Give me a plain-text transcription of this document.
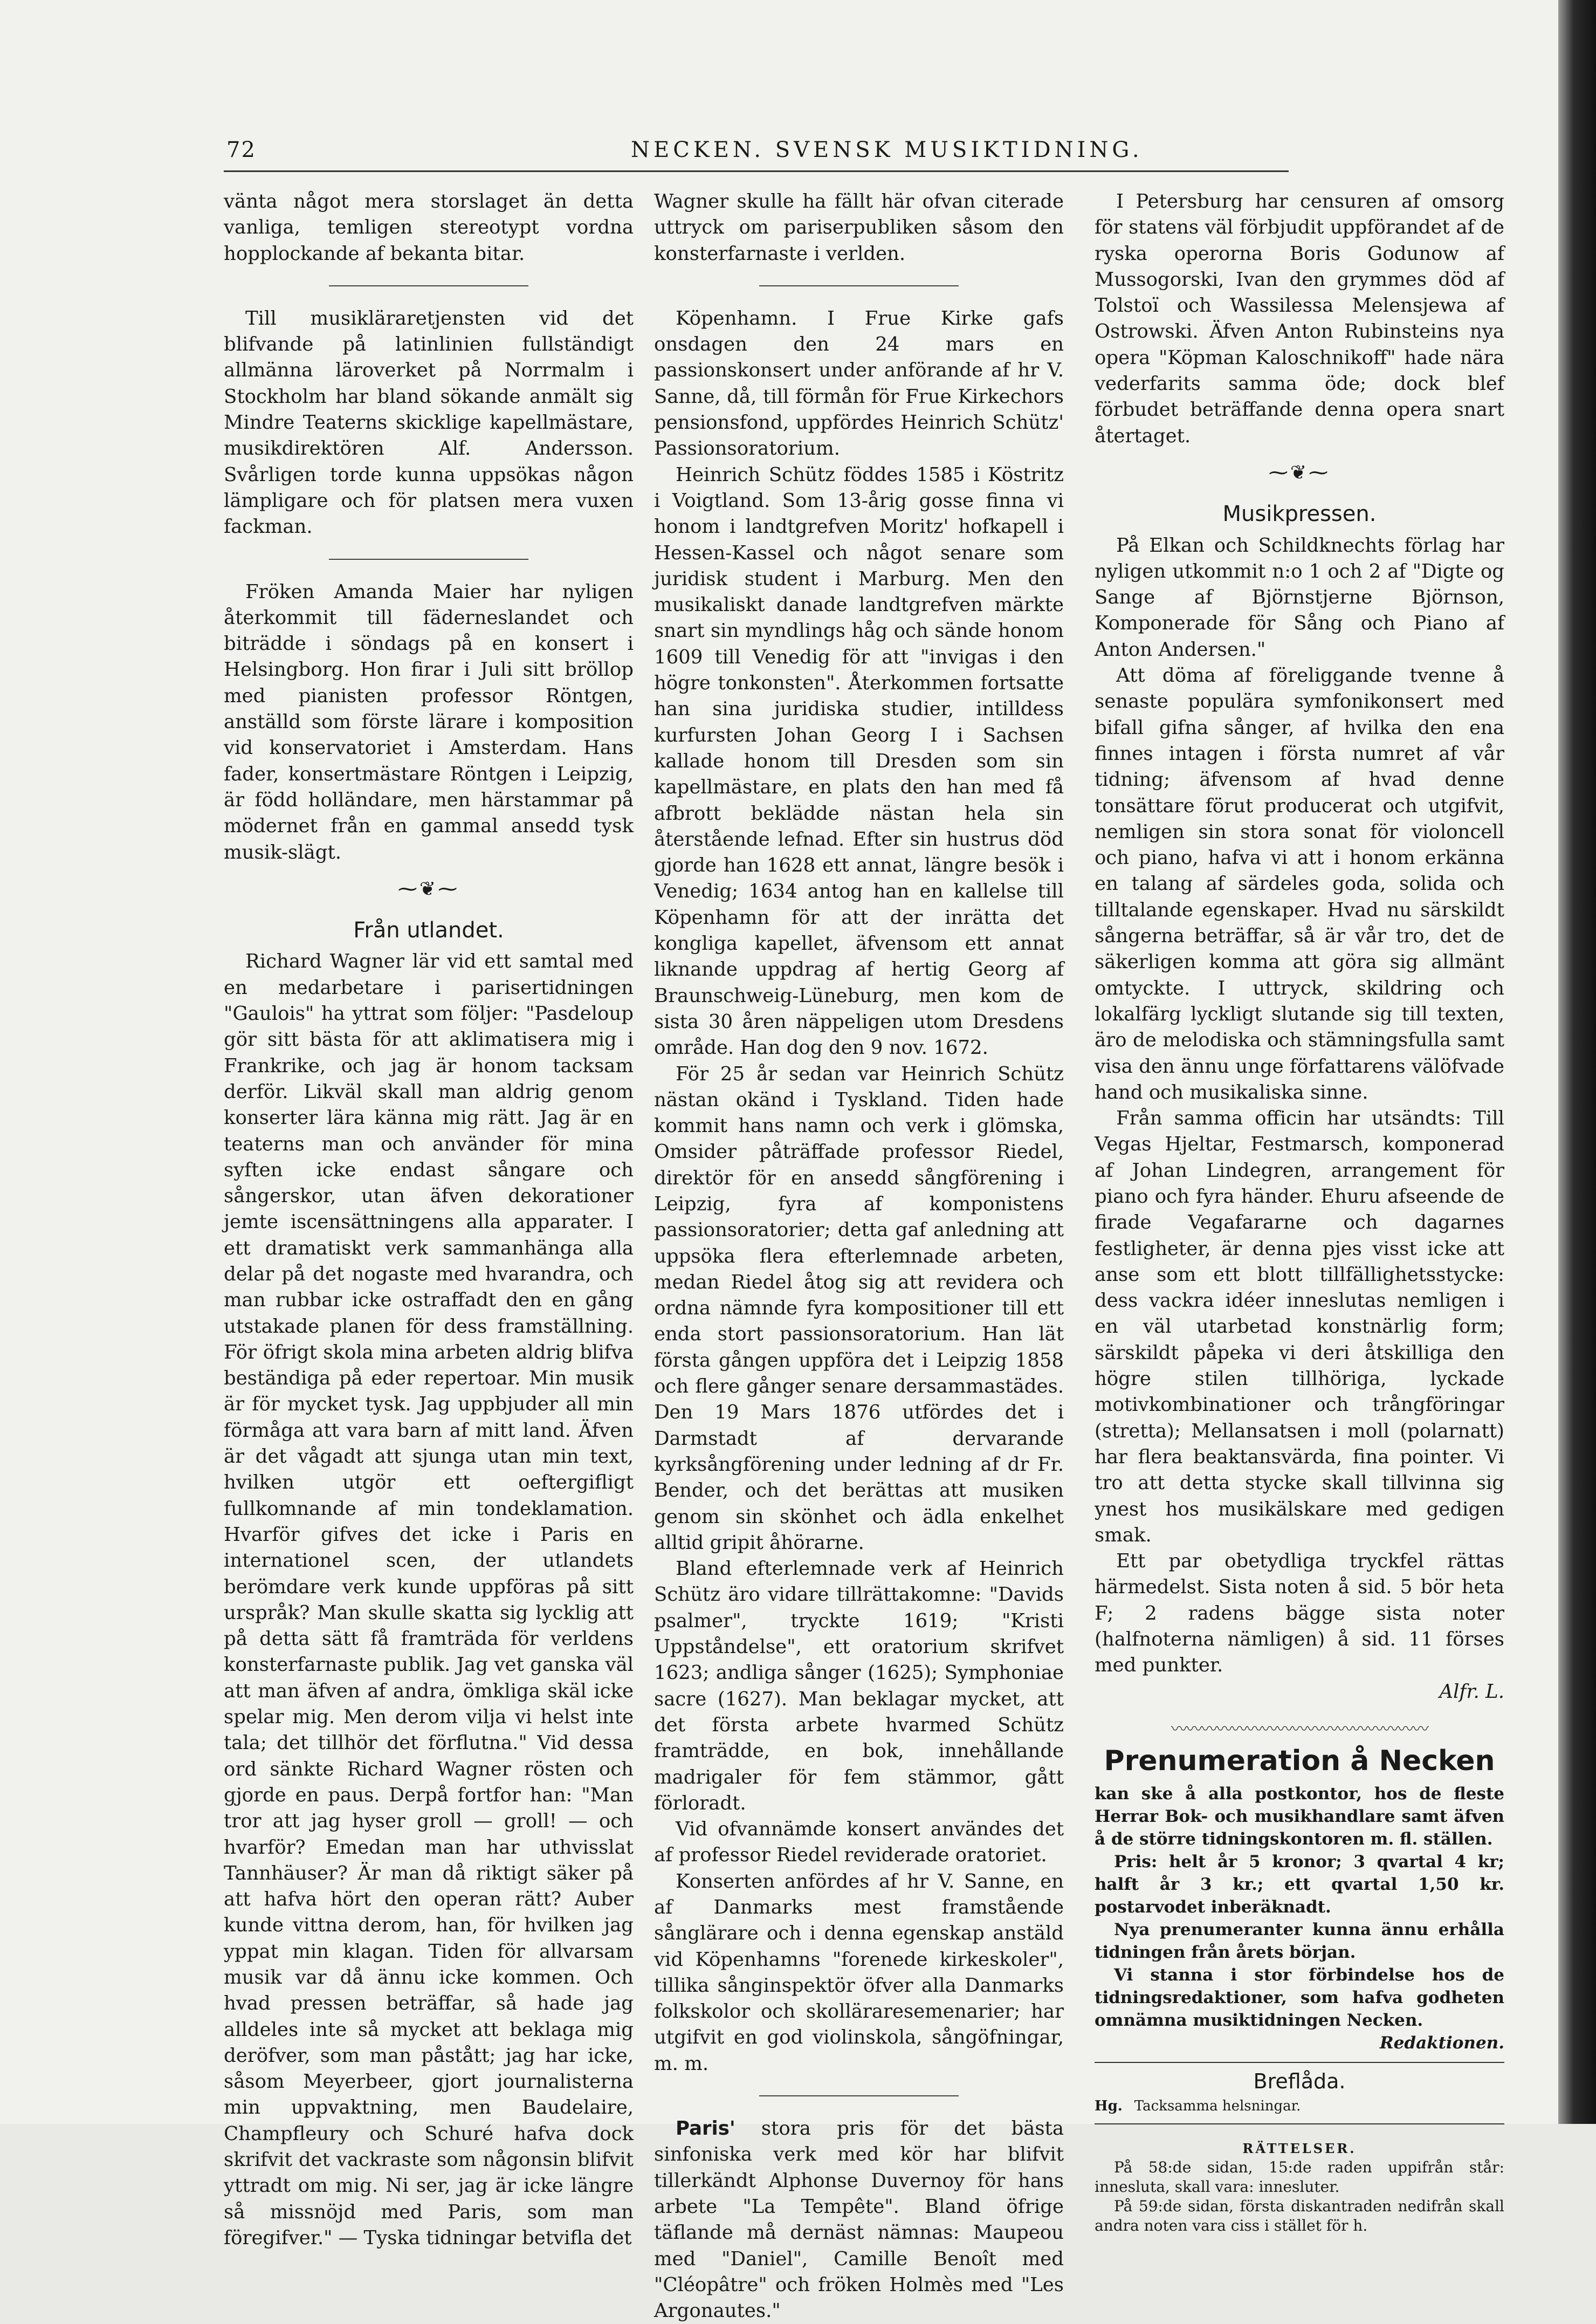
72	NECKEN. SVENSK MUSIKTIDNING.

vänta något mera storslaget än detta vanliga, temligen stereotypt vordna hopplockande af bekanta bitar.

Till musikläraretjensten vid det blifvande på latinlinien fullständigt allmänna läroverket på Norrmalm i Stockholm har bland sökande anmält sig Mindre Teaterns skicklige kapellmästare, musikdirektören Alf. Andersson. Svårligen torde kunna uppsökas någon lämpligare och för platsen mera vuxen fackman.

Fröken Amanda Maier har nyligen återkommit till fäderneslandet och biträdde i söndags på en konsert i Helsingborg. Hon firar i Juli sitt bröllop med pianisten professor Röntgen, anställd som förste lärare i komposition vid konservatoriet i Amsterdam. Hans fader, konsertmästare Röntgen i Leipzig, är född holländare, men härstammar på mödernet från en gammal ansedd tysk musik-slägt.

⁓❦⁓
Från utlandet.

Richard Wagner lär vid ett samtal med en medarbetare i parisertidningen "Gaulois" ha yttrat som följer: "Pasdeloup gör sitt bästa för att aklimatisera mig i Frankrike, och jag är honom tacksam derför. Likväl skall man aldrig genom konserter lära känna mig rätt. Jag är en teaterns man och använder för mina syften icke endast sångare och sångerskor, utan äfven dekorationer jemte iscensättningens alla apparater. I ett dramatiskt verk sammanhänga alla delar på det nogaste med hvarandra, och man rubbar icke ostraffadt den en gång utstakade planen för dess framställning. För öfrigt skola mina arbeten aldrig blifva beständiga på eder repertoar. Min musik är för mycket tysk. Jag uppbjuder all min förmåga att vara barn af mitt land. Äfven är det vågadt att sjunga utan min text, hvilken utgör ett oeftergifligt fullkomnande af min tondeklamation. Hvarför gifves det icke i Paris en internationel scen, der utlandets berömdare verk kunde uppföras på sitt urspråk? Man skulle skatta sig lycklig att på detta sätt få framträda för verldens konsterfarnaste publik. Jag vet ganska väl att man äfven af andra, ömkliga skäl icke spelar mig. Men derom vilja vi helst inte tala; det tillhör det förflutna." Vid dessa ord sänkte Richard Wagner rösten och gjorde en paus. Derpå fortfor han: "Man tror att jag hyser groll — groll! — och hvarför? Emedan man har uthvisslat Tannhäuser? Är man då riktigt säker på att hafva hört den operan rätt? Auber kunde vittna derom, han, för hvilken jag yppat min klagan. Tiden för allvarsam musik var då ännu icke kommen. Och hvad pressen beträffar, så hade jag alldeles inte så mycket att beklaga mig deröfver, som man påstått; jag har icke, såsom Meyerbeer, gjort journalisterna min uppvaktning, men Baudelaire, Champfleury och Schuré hafva dock skrifvit det vackraste som någonsin blifvit yttradt om mig. Ni ser, jag är icke längre så missnöjd med Paris, som man föregifver." — Tyska tidningar betvifla det

Wagner skulle ha fällt här ofvan citerade uttryck om pariserpubliken såsom den konsterfarnaste i verlden.

Köpenhamn. I Frue Kirke gafs onsdagen den 24 mars en passionskonsert under anförande af hr V. Sanne, då, till förmån för Frue Kirkechors pensionsfond, uppfördes Heinrich Schütz' Passionsoratorium.

Heinrich Schütz föddes 1585 i Köstritz i Voigtland. Som 13-årig gosse finna vi honom i landtgrefven Moritz' hofkapell i Hessen-Kassel och något senare som juridisk student i Marburg. Men den musikaliskt danade landtgrefven märkte snart sin myndlings håg och sände honom 1609 till Venedig för att "invigas i den högre tonkonsten". Återkommen fortsatte han sina juridiska studier, intilldess kurfursten Johan Georg I i Sachsen kallade honom till Dresden som sin kapellmästare, en plats den han med få afbrott beklädde nästan hela sin återstående lefnad. Efter sin hustrus död gjorde han 1628 ett annat, längre besök i Venedig; 1634 antog han en kallelse till Köpenhamn för att der inrätta det kongliga kapellet, äfvensom ett annat liknande uppdrag af hertig Georg af Braunschweig-Lüneburg, men kom de sista 30 åren näppeligen utom Dresdens område. Han dog den 9 nov. 1672.

För 25 år sedan var Heinrich Schütz nästan okänd i Tyskland. Tiden hade kommit hans namn och verk i glömska, Omsider påträffade professor Riedel, direktör för en ansedd sångförening i Leipzig, fyra af komponistens passionsoratorier; detta gaf anledning att uppsöka flera efterlemnade arbeten, medan Riedel åtog sig att revidera och ordna nämnde fyra kompositioner till ett enda stort passionsoratorium. Han lät första gången uppföra det i Leipzig 1858 och flere gånger senare dersammastädes. Den 19 Mars 1876 utfördes det i Darmstadt af dervarande kyrksångförening under ledning af dr Fr. Bender, och det berättas att musiken genom sin skönhet och ädla enkelhet alltid gripit åhörarne.

Bland efterlemnade verk af Heinrich Schütz äro vidare tillrättakomne: "Davids psalmer", tryckte 1619; "Kristi Uppståndelse", ett oratorium skrifvet 1623; andliga sånger (1625); Symphoniae sacre (1627). Man beklagar mycket, att det första arbete hvarmed Schütz framträdde, en bok, innehållande madrigaler för fem stämmor, gått förloradt.

Vid ofvannämde konsert användes det af professor Riedel reviderade oratoriet.

Konserten anfördes af hr V. Sanne, en af Danmarks mest framstående sånglärare och i denna egenskap anstäld vid Köpenhamns "forenede kirkeskoler", tillika sånginspektör öfver alla Danmarks folkskolor och skolläraresemenarier; har utgifvit en god violinskola, sångöfningar, m. m.

Paris' stora pris för det bästa sinfoniska verk med kör har blifvit tillerkändt Alphonse Duvernoy för hans arbete "La Tempête". Bland öfrige täflande må dernäst nämnas: Maupeou med "Daniel", Camille Benoît med "Cléopâtre" och fröken Holmès med "Les Argonautes."

I Petersburg har censuren af omsorg för statens väl förbjudit uppförandet af de ryska operorna Boris Godunow af Mussogorski, Ivan den grymmes död af Tolstoï och Wassilessa Melensjewa af Ostrowski. Äfven Anton Rubinsteins nya opera "Köpman Kaloschnikoff" hade nära vederfarits samma öde; dock blef förbudet beträffande denna opera snart återtaget.

⁓❦⁓
Musikpressen.

På Elkan och Schildknechts förlag har nyligen utkommit n:o 1 och 2 af "Digte og Sange af Björnstjerne Björnson, Komponerade för Sång och Piano af Anton Andersen."

Att döma af föreliggande tvenne å senaste populära symfonikonsert med bifall gifna sånger, af hvilka den ena finnes intagen i första numret af vår tidning; äfvensom af hvad denne tonsättare förut producerat och utgifvit, nemligen sin stora sonat för violoncell och piano, hafva vi att i honom erkänna en talang af särdeles goda, solida och tilltalande egenskaper. Hvad nu särskildt sångerna beträffar, så är vår tro, det de säkerligen komma att göra sig allmänt omtyckte. I uttryck, skildring och lokalfärg lyckligt slutande sig till texten, äro de melodiska och stämningsfulla samt visa den ännu unge författarens välöfvade hand och musikaliska sinne.

Från samma officin har utsändts: Till Vegas Hjeltar, Festmarsch, komponerad af Johan Lindegren, arrangement för piano och fyra händer. Ehuru afseende de firade Vegafararne och dagarnes festligheter, är denna pjes visst icke att anse som ett blott tillfällighetsstycke: dess vackra idéer inneslutas nemligen i en väl utarbetad konstnärlig form; särskildt påpeka vi deri åtskilliga den högre stilen tillhöriga, lyckade motivkombinationer och trångföringar (stretta); Mellansatsen i moll (polarnatt) har flera beaktansvärda, fina pointer. Vi tro att detta stycke skall tillvinna sig ynest hos musikälskare med gedigen smak.

Ett par obetydliga tryckfel rättas härmedelst. Sista noten å sid. 5 bör heta F; 2 radens bägge sista noter (halfnoterna nämligen) å sid. 11 förses med punkter.

Alfr. L.
〰〰〰〰〰〰〰〰〰〰〰〰〰〰〰〰〰
Prenumeration å Necken
kan ske å alla postkontor, hos de fleste Herrar Bok- och musikhandlare samt äfven å de större tidningskontoren m. fl. ställen.
Pris: helt år 5 kronor; 3 qvartal 4 kr; halft år 3 kr.; ett qvartal 1,50 kr. postarvodet inberäknadt.
Nya prenumeranter kunna ännu erhålla tidningen från årets början.
Vi stanna i stor förbindelse hos de tidningsredaktioner, som hafva godheten omnämna musiktidningen Necken.
Redaktionen.
Breflåda.
Hg. Tacksamma helsningar.
RÄTTELSER.

På 58:de sidan, 15:de raden uppifrån står: inneslutа, skall vara: innesluter.

På 59:de sidan, första diskantraden nedifrån skall andra noten vara ciss i stället för h.
